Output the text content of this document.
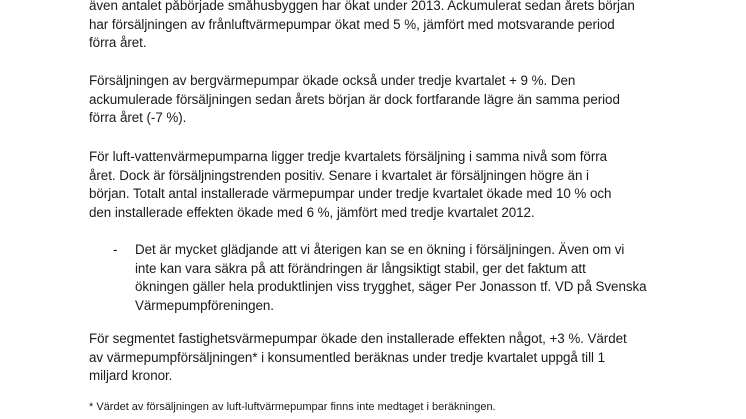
även antalet påbörjade småhusbyggen har ökat under 2013. Ackumulerat sedan årets början
har försäljningen av frånluftvärmepumpar ökat med 5 %, jämfört med motsvarande period
förra året.
Försäljningen av bergvärmepumpar ökade också under tredje kvartalet + 9 %. Den
ackumulerade försäljningen sedan årets början är dock fortfarande lägre än samma period
förra året (-7 %).
För luft-vattenvärmepumparna ligger tredje kvartalets försäljning i samma nivå som förra
året. Dock är försäljningstrenden positiv. Senare i kvartalet är försäljningen högre än i
början. Totalt antal installerade värmepumpar under tredje kvartalet ökade med 10 % och
den installerade effekten ökade med 6 %, jämfört med tredje kvartalet 2012.
- Det är mycket glädjande att vi återigen kan se en ökning i försäljningen. Även om vi
inte kan vara säkra på att förändringen är långsiktigt stabil, ger det faktum att
ökningen gäller hela produktlinjen viss trygghet, säger Per Jonasson tf. VD på Svenska
Värmepumpföreningen.
För segmentet fastighetsvärmepumpar ökade den installerade effekten något, +3 %. Värdet
av värmepumpförsäljningen* i konsumentled beräknas under tredje kvartalet uppgå till 1
miljard kronor.
* Värdet av försäljningen av luft-luftvärmepumpar finns inte medtaget i beräkningen.
